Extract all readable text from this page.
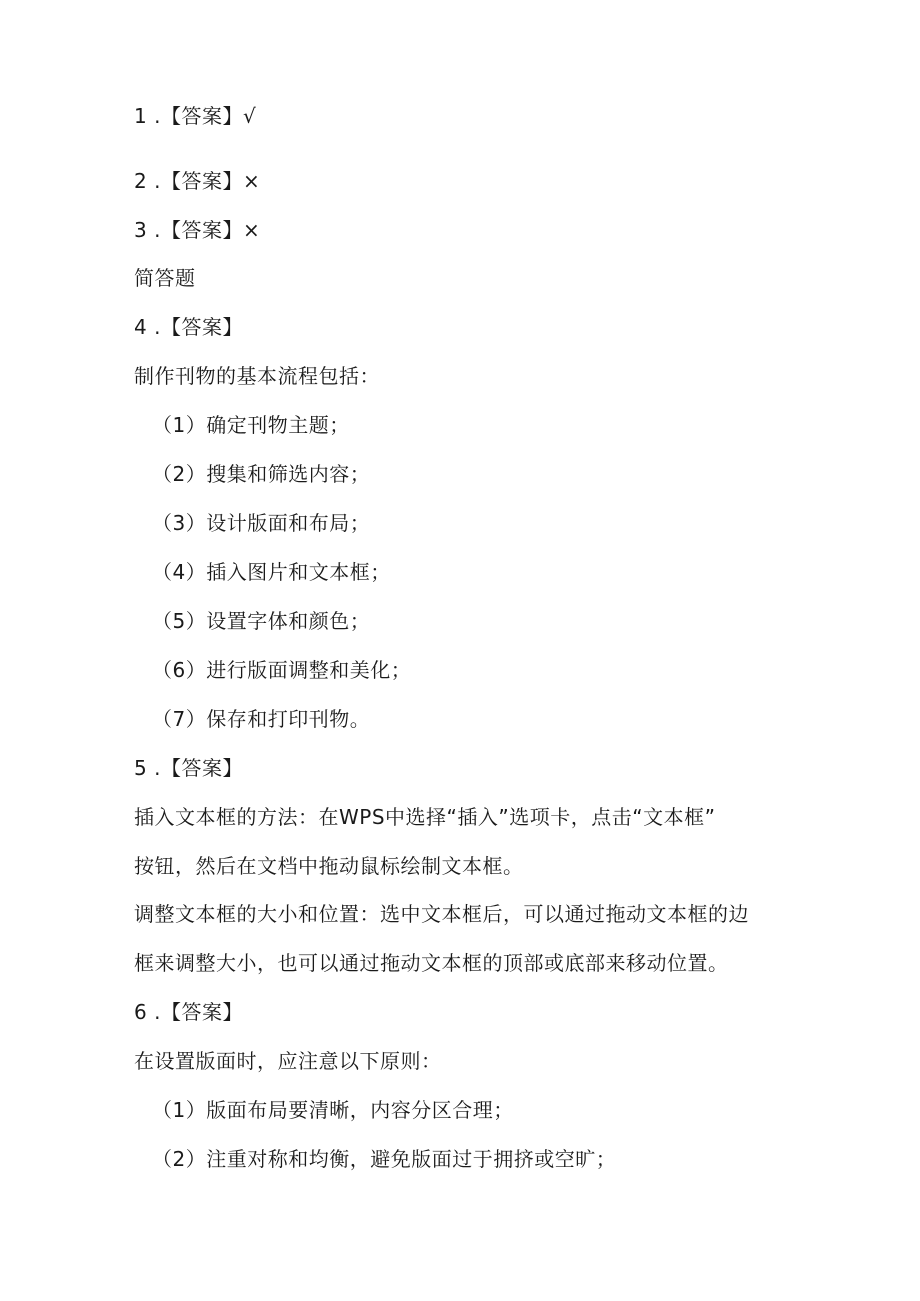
1 .【答案】√
2 .【答案】×
3 .【答案】×
简答题
4 .【答案】
制作刊物的基本流程包括：
（1）确定刊物主题；
（2）搜集和筛选内容；
（3）设计版面和布局；
（4）插入图片和文本框；
（5）设置字体和颜色；
（6）进行版面调整和美化；
（7）保存和打印刊物。
5 .【答案】
插入文本框的方法：在WPS中选择“插入”选项卡，点击“文本框”
按钮，然后在文档中拖动鼠标绘制文本框。
调整文本框的大小和位置：选中文本框后，可以通过拖动文本框的边
框来调整大小，也可以通过拖动文本框的顶部或底部来移动位置。
6 .【答案】
在设置版面时，应注意以下原则：
（1）版面布局要清晰，内容分区合理；
（2）注重对称和均衡，避免版面过于拥挤或空旷；
